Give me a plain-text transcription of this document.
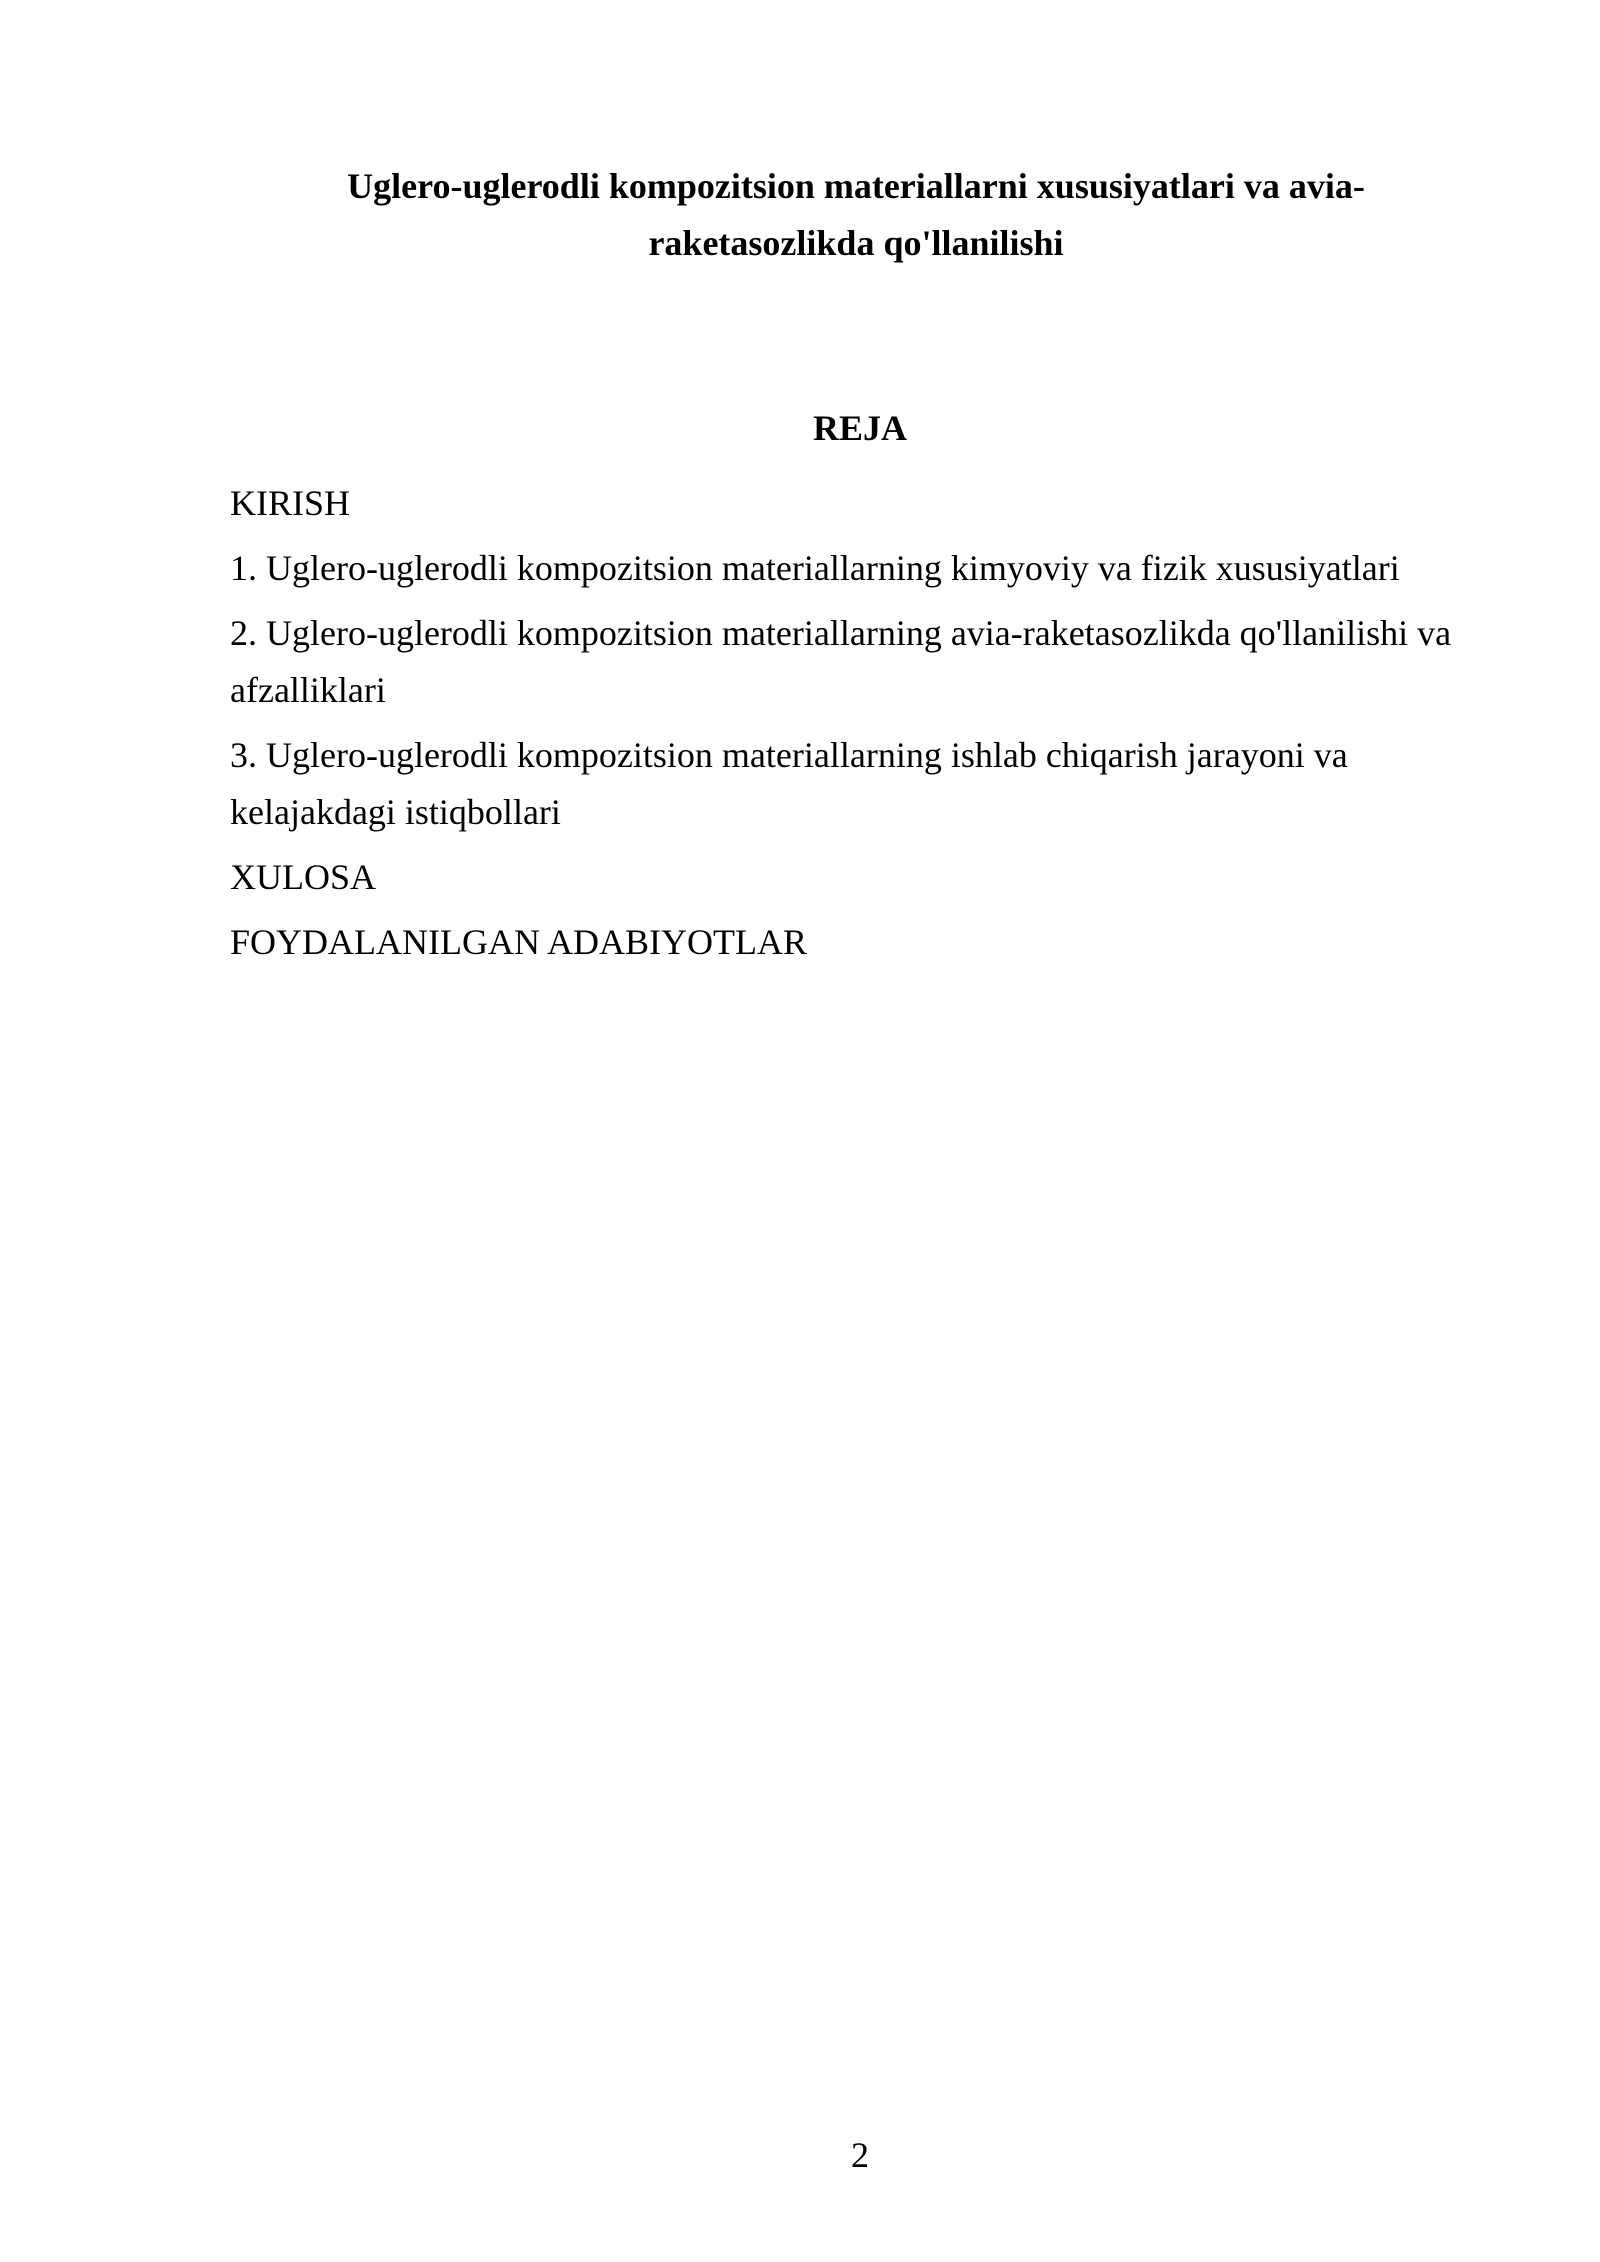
Uglero-uglerodli kompozitsion materiallarni xususiyatlari va avia-raketasozlikda qo'llanilishi
REJA
KIRISH
1. Uglero-uglerodli kompozitsion materiallarning kimyoviy va fizik xususiyatlari
2. Uglero-uglerodli kompozitsion materiallarning avia-raketasozlikda qo'llanilishi va afzalliklari
3. Uglero-uglerodli kompozitsion materiallarning ishlab chiqarish jarayoni va kelajakdagi istiqbollari
XULOSA
FOYDALANILGAN ADABIYOTLAR
2
